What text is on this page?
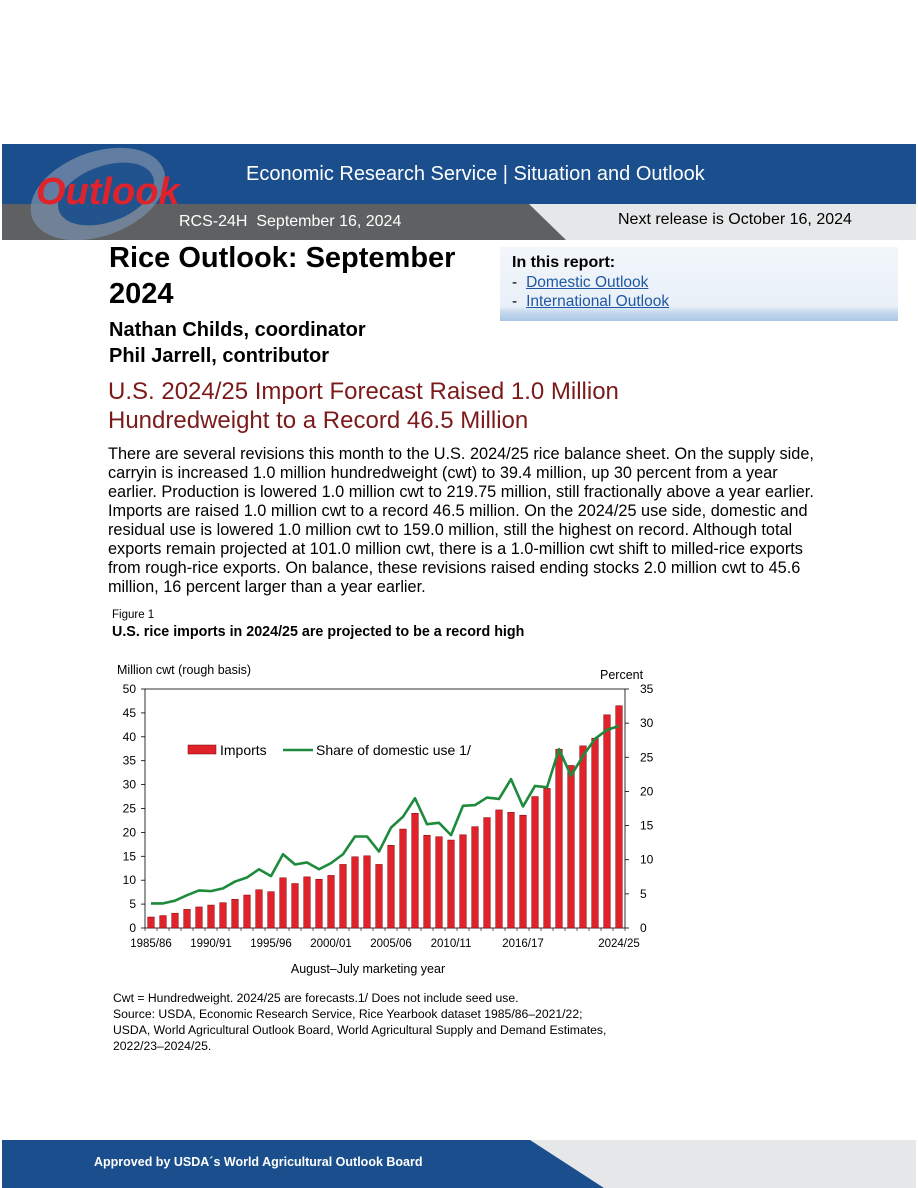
Outlook	Economic Research Service | Situation and Outlook
RCS-24H  September 16, 2024	Next release is October 16, 2024
Rice Outlook: September 2024
Nathan Childs, coordinator
Phil Jarrell, contributor
In this report:
- Domestic Outlook
- International Outlook
U.S. 2024/25 Import Forecast Raised 1.0 Million Hundredweight to a Record 46.5 Million
There are several revisions this month to the U.S. 2024/25 rice balance sheet. On the supply side, carryin is increased 1.0 million hundredweight (cwt) to 39.4 million, up 30 percent from a year earlier. Production is lowered 1.0 million cwt to 219.75 million, still fractionally above a year earlier. Imports are raised 1.0 million cwt to a record 46.5 million. On the 2024/25 use side, domestic and residual use is lowered 1.0 million cwt to 159.0 million, still the highest on record. Although total exports remain projected at 101.0 million cwt, there is a 1.0-million cwt shift to milled-rice exports from rough-rice exports. On balance, these revisions raised ending stocks 2.0 million cwt to 45.6 million, 16 percent larger than a year earlier.
Figure 1
U.S. rice imports in 2024/25 are projected to be a record high
0
5
10
15
20
25
30
35
40
45
50
0
5
10
15
20
25
30
35
1985/86 1990/91 1995/96 2000/01 2005/06 2010/11	2016/17	2024/25
Million cwt (rough basis)	Percent
August–July marketing year
Imports	Share of domestic use 1/
Cwt = Hundredweight. 2024/25 are forecasts.1/ Does not include seed use.
Source: USDA, Economic Research Service, Rice Yearbook dataset 1985/86–2021/22;
USDA, World Agricultural Outlook Board, World Agricultural Supply and Demand Estimates,
2022/23–2024/25.
Approved by USDA´s World Agricultural Outlook Board
